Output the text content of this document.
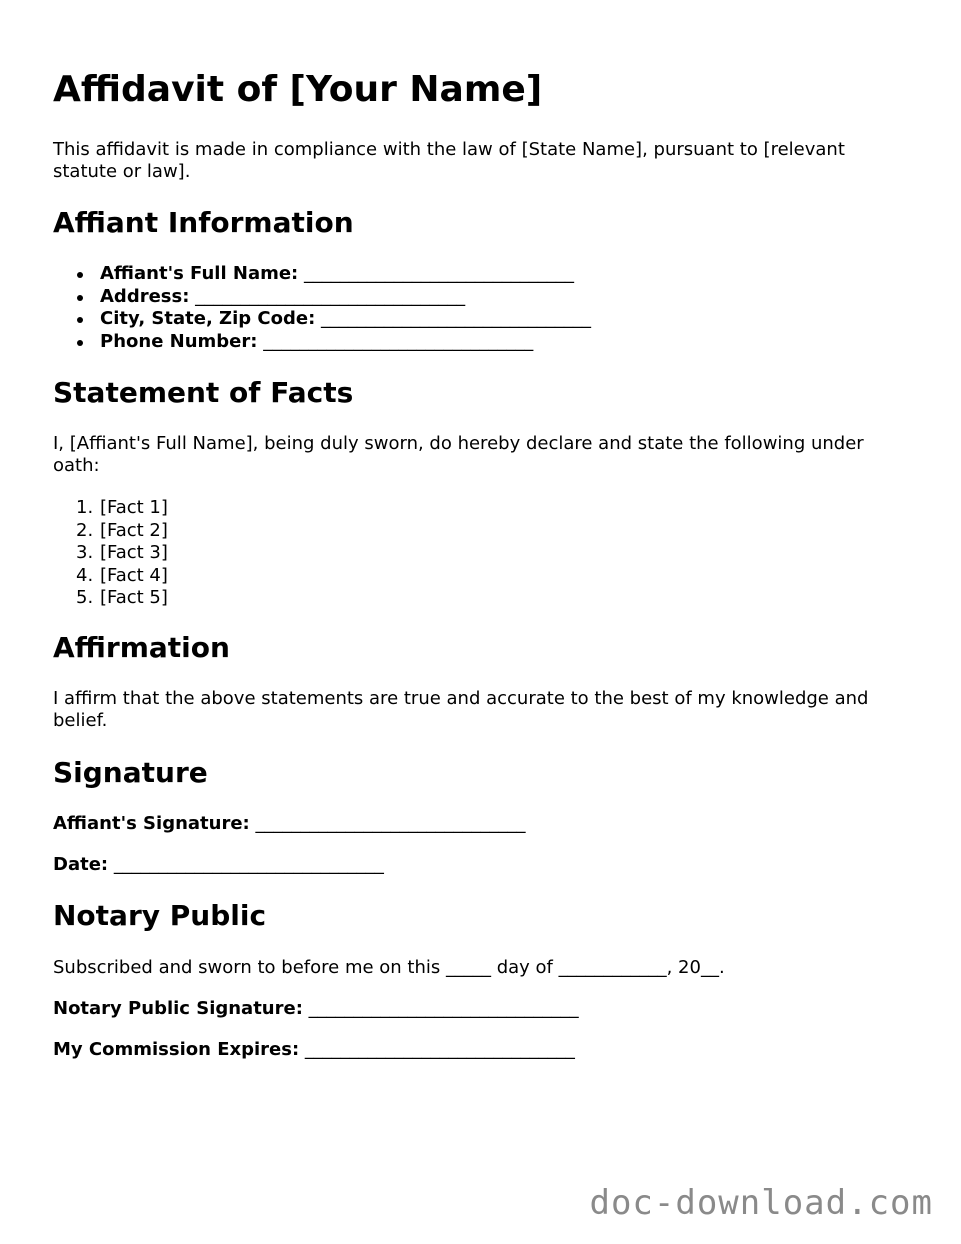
Affidavit of [Your Name]

This affidavit is made in compliance with the law of [State Name], pursuant to [relevant statute or law].

Affiant Information
Affiant's Full Name: ______________________________
Address: ______________________________
City, State, Zip Code: ______________________________
Phone Number: ______________________________
Statement of Facts

I, [Affiant's Full Name], being duly sworn, do hereby declare and state the following under oath:

1. [Fact 1]
2. [Fact 2]
3. [Fact 3]
4. [Fact 4]
5. [Fact 5]
Affirmation

I affirm that the above statements are true and accurate to the best of my knowledge and belief.

Signature
Affiant's Signature: ______________________________
Date: ______________________________
Notary Public

Subscribed and sworn to before me on this _____ day of ____________, 20__.

Notary Public Signature: ______________________________
My Commission Expires: ______________________________
doc-download.com
